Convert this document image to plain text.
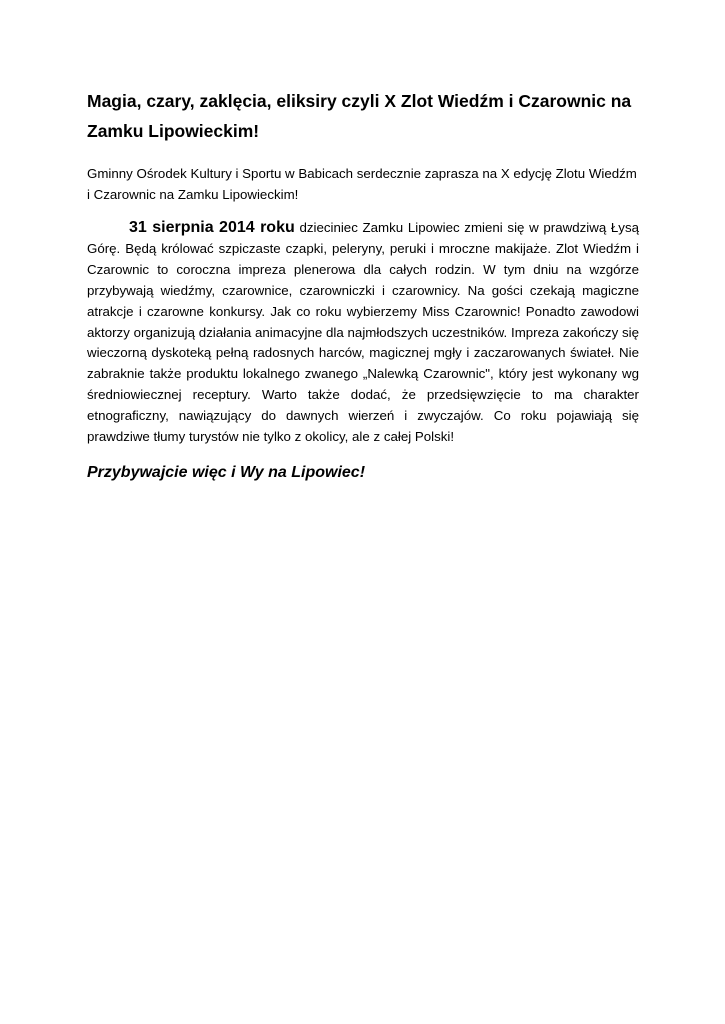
Magia, czary, zaklęcia, eliksiry czyli X Zlot Wiedźm i Czarownic na Zamku Lipowieckim!

Gminny Ośrodek Kultury i Sportu w Babicach serdecznie zaprasza na X edycję Zlotu Wiedźm i Czarownic na Zamku Lipowieckim!

31 sierpnia 2014 roku dzieciniec Zamku Lipowiec zmieni się w prawdziwą Łysą Górę. Będą królować szpiczaste czapki, peleryny, peruki i mroczne makijaże. Zlot Wiedźm i Czarownic to coroczna impreza plenerowa dla całych rodzin. W tym dniu na wzgórze przybywają wiedźmy, czarownice, czarowniczki i czarownicy. Na gości czekają magiczne atrakcje i czarowne konkursy. Jak co roku wybierzemy Miss Czarownic! Ponadto zawodowi aktorzy organizują działania animacyjne dla najmłodszych uczestników. Impreza zakończy się wieczorną dyskoteką pełną radosnych harców, magicznej mgły i zaczarowanych świateł. Nie zabraknie także produktu lokalnego zwanego „Nalewką Czarownic", który jest wykonany wg średniowiecznej receptury. Warto także dodać, że przedsięwzięcie to ma charakter etnograficzny, nawiązujący do dawnych wierzeń i zwyczajów. Co roku pojawiają się prawdziwe tłumy turystów nie tylko z okolicy, ale z całej Polski!

Przybywajcie więc i Wy na Lipowiec!
